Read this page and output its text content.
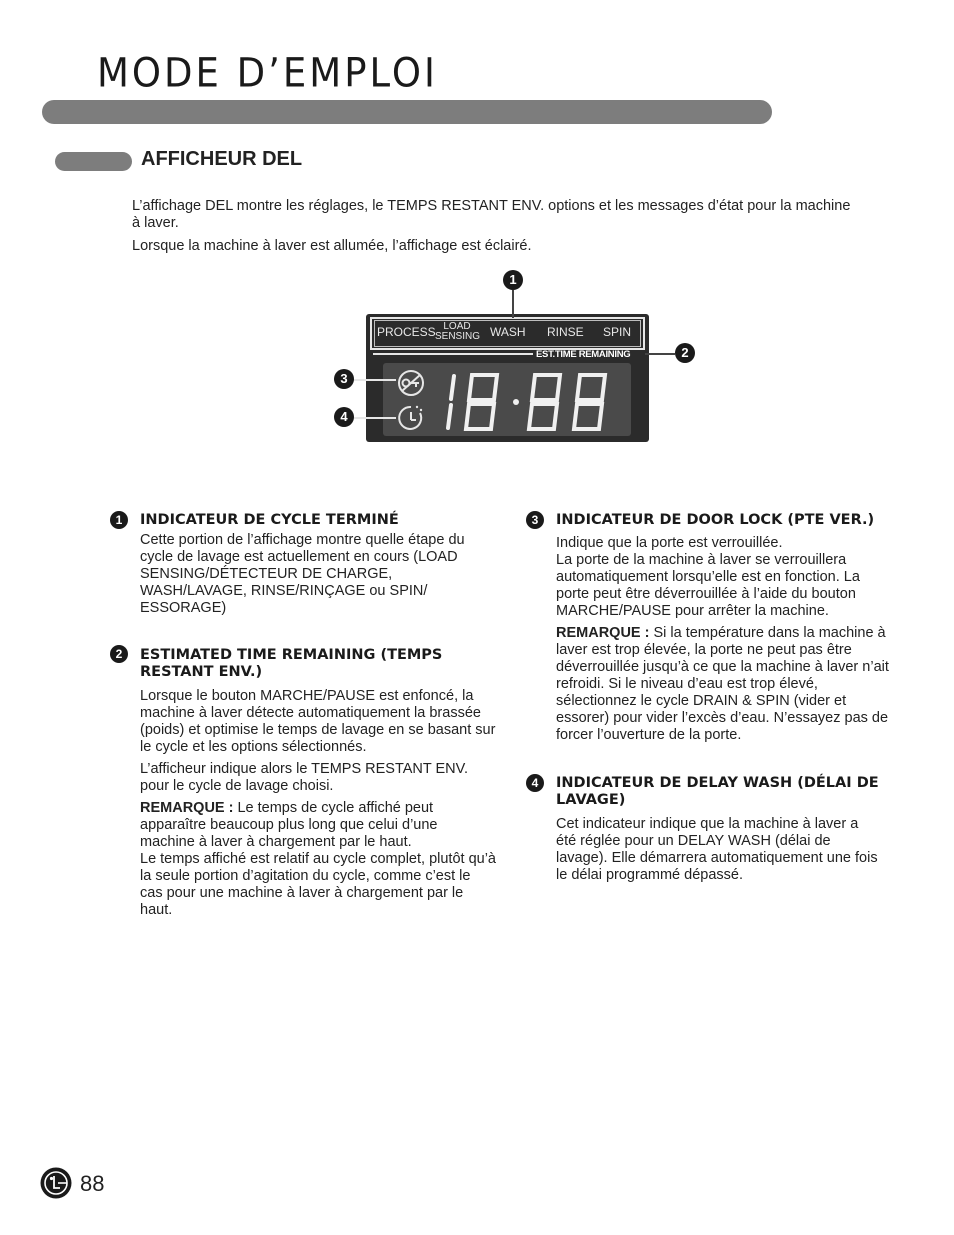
MODE D’EMPLOI
AFFICHEUR DEL

L’affichage DEL montre les réglages, le TEMPS RESTANT ENV. options et les messages d’état pour la machine à laver.

Lorsque la machine à laver est allumée, l’affichage est éclairé.

PROCESS LOAD
SENSING WASH RINSE SPIN
EST.TIME REMAINING
1
2
3
4
1	INDICATEUR DE CYCLE TERMINÉ

Cette portion de l’affichage montre quelle étape du cycle de lavage est actuellement en cours (LOAD SENSING/DÉTECTEUR DE CHARGE, WASH/LAVAGE, RINSE/RINÇAGE ou SPIN/ ESSORAGE)

2	ESTIMATED TIME REMAINING (TEMPS RESTANT ENV.)

Lorsque le bouton MARCHE/PAUSE est enfoncé, la machine à laver détecte automatiquement la brassée (poids) et optimise le temps de lavage en se basant sur le cycle et les options sélectionnés.

L’afficheur indique alors le TEMPS RESTANT ENV. pour le cycle de lavage choisi.

REMARQUE : Le temps de cycle affiché peut apparaître beaucoup plus long que celui d’une machine à laver à chargement par le haut.

Le temps affiché est relatif au cycle complet, plutôt qu’à la seule portion d’agitation du cycle, comme c’est le cas pour une machine à laver à chargement par le haut.

3	INDICATEUR DE DOOR LOCK (PTE VER.)

Indique que la porte est verrouillée.

La porte de la machine à laver se verrouillera automatiquement lorsqu’elle est en fonction. La porte peut être déverrouillée à l’aide du bouton MARCHE/PAUSE pour arrêter la machine.

REMARQUE : Si la température dans la machine à laver est trop élevée, la porte ne peut pas être déverrouillée jusqu’à ce que la machine à laver n’ait refroidi. Si le niveau d’eau est trop élevé, sélectionnez le cycle DRAIN & SPIN (vider et essorer) pour vider l’excès d’eau. N’essayez pas de forcer l’ouverture de la porte.

4	INDICATEUR DE DELAY WASH (DÉLAI DE LAVAGE)

Cet indicateur indique que la machine à laver a été réglée pour un DELAY WASH (délai de lavage). Elle démarrera automatiquement une fois le délai programmé dépassé.

88
